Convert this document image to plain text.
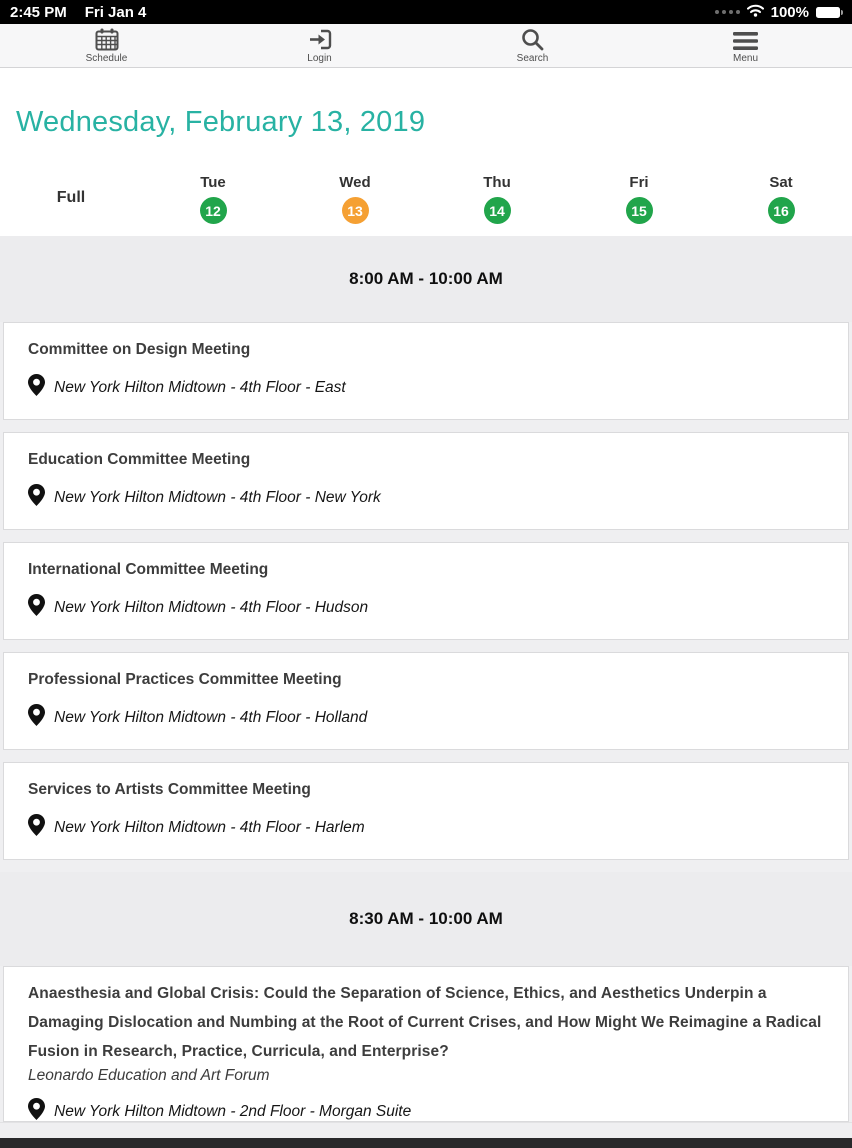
2:45 PM Fri Jan 4	100%
Schedule	Login	Search	Menu
Wednesday, February 13, 2019
Full
Tue
12
Wed
13
Thu
14
Fri
15
Sat
16
8:00 AM - 10:00 AM
Committee on Design Meeting
New York Hilton Midtown - 4th Floor - East
Education Committee Meeting
New York Hilton Midtown - 4th Floor - New York
International Committee Meeting
New York Hilton Midtown - 4th Floor - Hudson
Professional Practices Committee Meeting
New York Hilton Midtown - 4th Floor - Holland
Services to Artists Committee Meeting
New York Hilton Midtown - 4th Floor - Harlem
8:30 AM - 10:00 AM
Anaesthesia and Global Crisis: Could the Separation of Science, Ethics, and Aesthetics Underpin a Damaging Dislocation and Numbing at the Root of Current Crises, and How Might We Reimagine a Radical Fusion in Research, Practice, Curricula, and Enterprise?
Leonardo Education and Art Forum
New York Hilton Midtown - 2nd Floor - Morgan Suite
